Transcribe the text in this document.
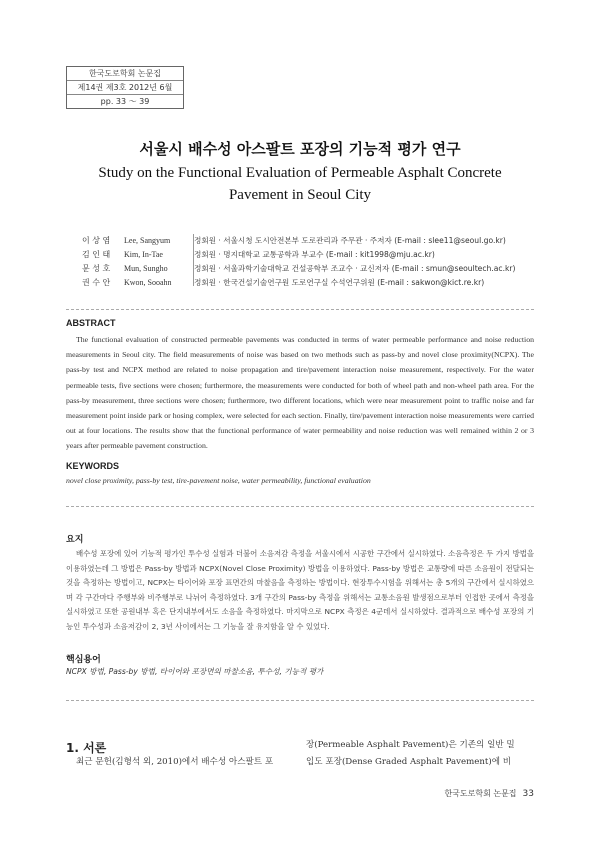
한국도로학회 논문집
제14권 제3호 2012년 6월
pp. 33 ～ 39
서울시 배수성 아스팔트 포장의 기능적 평가 연구
Study on the Functional Evaluation of Permeable Asphalt Concrete
Pavement in Seoul City
이 상 염 Lee, Sangyum	정회원 · 서울시청 도시안전본부 도로관리과 주무관 · 주저자 (E-mail : slee11@seoul.go.kr)
김 인 태 Kim, In-Tae	정회원 · 명지대학교 교통공학과 부교수 (E-mail : kit1998@mju.ac.kr)
문 성 호 Mun, Sungho	정회원 · 서울과학기술대학교 건설공학부 조교수 · 교신저자 (E-mail : smun@seoultech.ac.kr)
권 수 안 Kwon, Sooahn	정회원 · 한국건설기술연구원 도로연구실 수석연구위원 (E-mail : sakwon@kict.re.kr)
ABSTRACT
The functional evaluation of constructed permeable pavements was conducted in terms of water permeable performance and noise reduction measurements in Seoul city. The field measurements of noise was based on two methods such as pass-by and novel close proximity(NCPX). The pass-by test and NCPX method are related to noise propagation and tire/pavement interaction noise measurement, respectively. For the water permeable tests, five sections were chosen; furthermore, the measurements were conducted for both of wheel path and non-wheel path area. For the pass-by measurement, three sections were chosen; furthermore, two different locations, which were near measurement point to traffic noise and far measurement point inside park or hosing complex, were selected for each section. Finally, tire/pavement interaction noise measurements were carried out at four locations. The results show that the functional performance of water permeability and noise reduction was well remained within 2 or 3 years after permeable pavement construction.
KEYWORDS
novel close proximity, pass-by test, tire-pavement noise, water permeability, functional evaluation
요지
배수성 포장에 있어 기능적 평가인 투수성 실험과 더불어 소음저감 측정을 서울시에서 시공한 구간에서 실시하였다. 소음측정은 두 가지 방법을 이용하였는데 그 방법은 Pass-by 방법과 NCPX(Novel Close Proximity) 방법을 이용하였다. Pass-by 방법은 교통량에 따른 소음원이 전달되는 것을 측정하는 방법이고, NCPX는 타이어와 포장 표면간의 마찰음을 측정하는 방법이다. 현장투수시험을 위해서는 총 5개의 구간에서 실시하였으며 각 구간마다 주행부와 비주행부로 나뉘어 측정하였다. 3개 구간의 Pass-by 측정을 위해서는 교통소음원 발생점으로부터 인접한 곳에서 측정을 실시하였고 또한 공원내부 혹은 단지내부에서도 소음을 측정하였다. 마지막으로 NCPX 측정은 4군데서 실시하였다. 결과적으로 배수성 포장의 기능인 투수성과 소음저감이 2, 3년 사이에서는 그 기능을 잘 유지함을 알 수 있었다.
핵심용어
NCPX 방법, Pass-by 방법, 타이어와 포장면의 마찰소음, 투수성, 기능적 평가
1. 서론
최근 문헌(김형석 외, 2010)에서 배수성 아스팔트 포
장(Permeable Asphalt Pavement)은 기존의 일반 밀
입도 포장(Dense Graded Asphalt Pavement)에 비
한국도로학회 논문집 33
